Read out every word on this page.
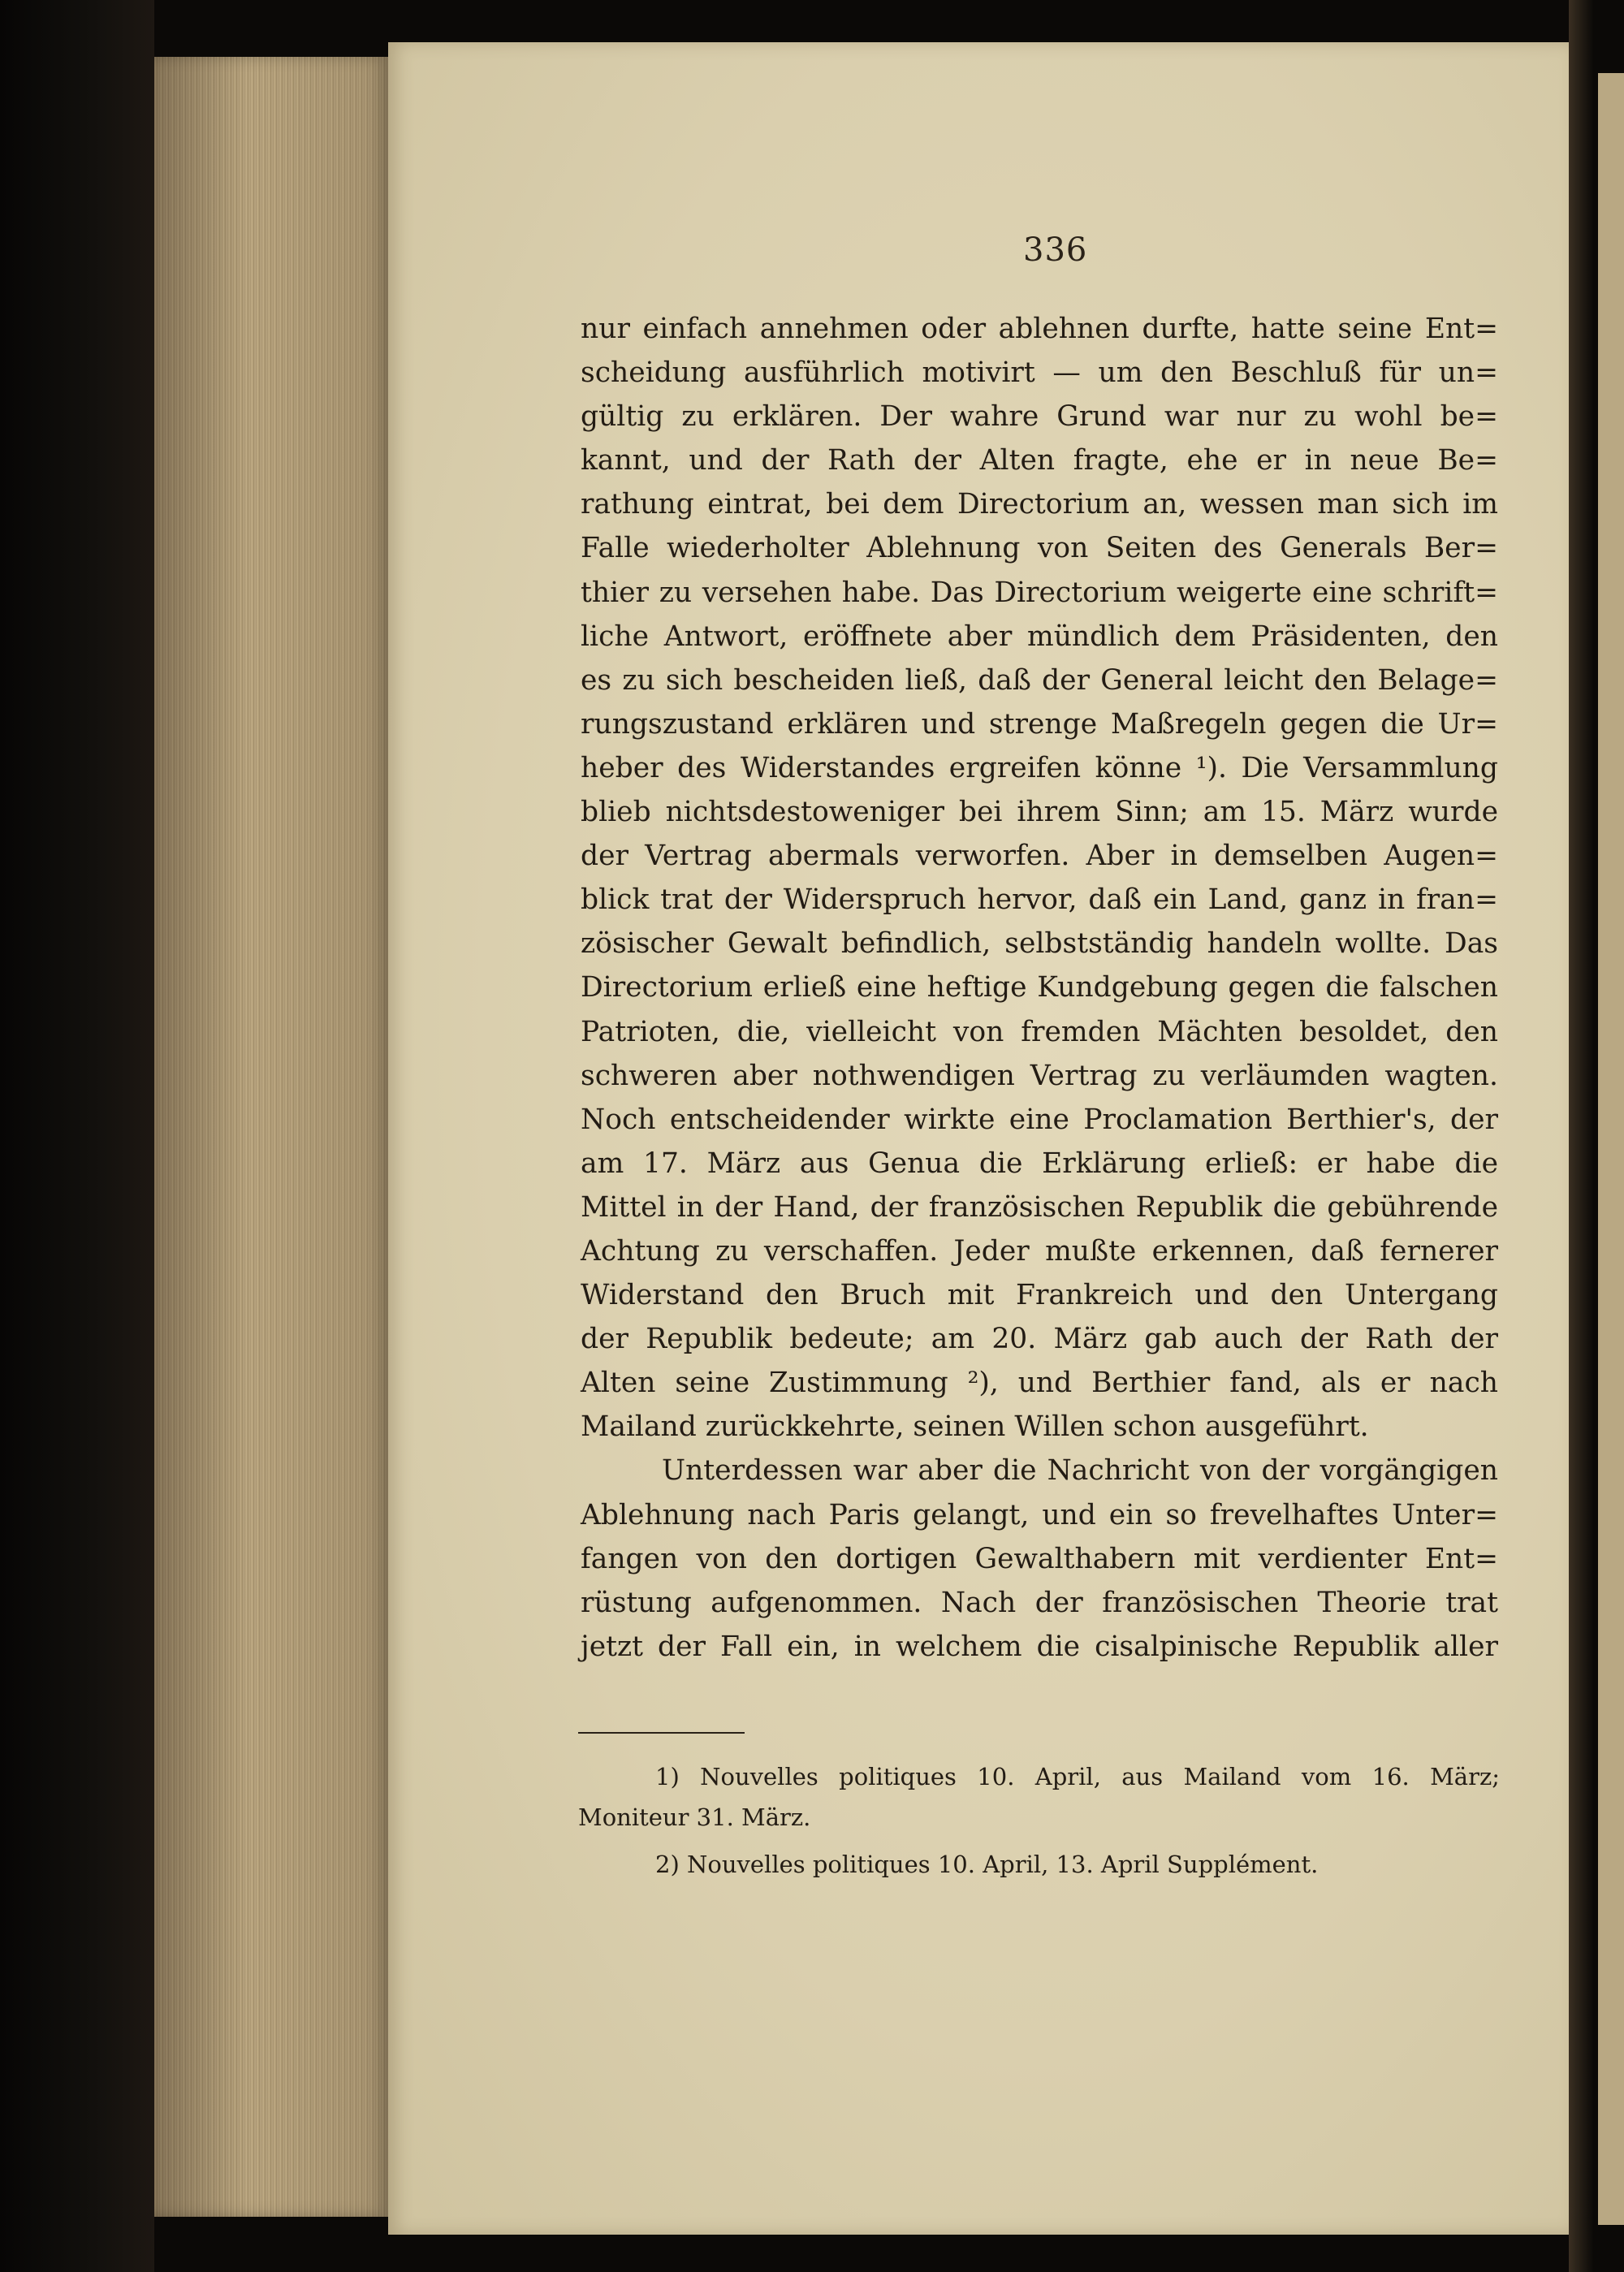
336
nur einfach annehmen oder ablehnen durfte, hatte seine Ent=
scheidung ausführlich motivirt — um den Beschluß für un=
gültig zu erklären. Der wahre Grund war nur zu wohl be=
kannt, und der Rath der Alten fragte, ehe er in neue Be=
rathung eintrat, bei dem Directorium an, wessen man sich im
Falle wiederholter Ablehnung von Seiten des Generals Ber=
thier zu versehen habe. Das Directorium weigerte eine schrift=
liche Antwort, eröffnete aber mündlich dem Präsidenten, den
es zu sich bescheiden ließ, daß der General leicht den Belage=
rungszustand erklären und strenge Maßregeln gegen die Ur=
heber des Widerstandes ergreifen könne ¹). Die Versammlung
blieb nichtsdestoweniger bei ihrem Sinn; am 15. März wurde
der Vertrag abermals verworfen. Aber in demselben Augen=
blick trat der Widerspruch hervor, daß ein Land, ganz in fran=
zösischer Gewalt befindlich, selbstständig handeln wollte. Das
Directorium erließ eine heftige Kundgebung gegen die falschen
Patrioten, die, vielleicht von fremden Mächten besoldet, den
schweren aber nothwendigen Vertrag zu verläumden wagten.
Noch entscheidender wirkte eine Proclamation Berthier's, der
am 17. März aus Genua die Erklärung erließ: er habe die
Mittel in der Hand, der französischen Republik die gebührende
Achtung zu verschaffen. Jeder mußte erkennen, daß fernerer
Widerstand den Bruch mit Frankreich und den Untergang
der Republik bedeute; am 20. März gab auch der Rath der
Alten seine Zustimmung ²), und Berthier fand, als er nach
Mailand zurückkehrte, seinen Willen schon ausgeführt.
Unterdessen war aber die Nachricht von der vorgängigen
Ablehnung nach Paris gelangt, und ein so frevelhaftes Unter=
fangen von den dortigen Gewalthabern mit verdienter Ent=
rüstung aufgenommen. Nach der französischen Theorie trat
jetzt der Fall ein, in welchem die cisalpinische Republik aller
1) Nouvelles politiques 10. April, aus Mailand vom 16. März;
Moniteur 31. März.
2) Nouvelles politiques 10. April, 13. April Supplément.
